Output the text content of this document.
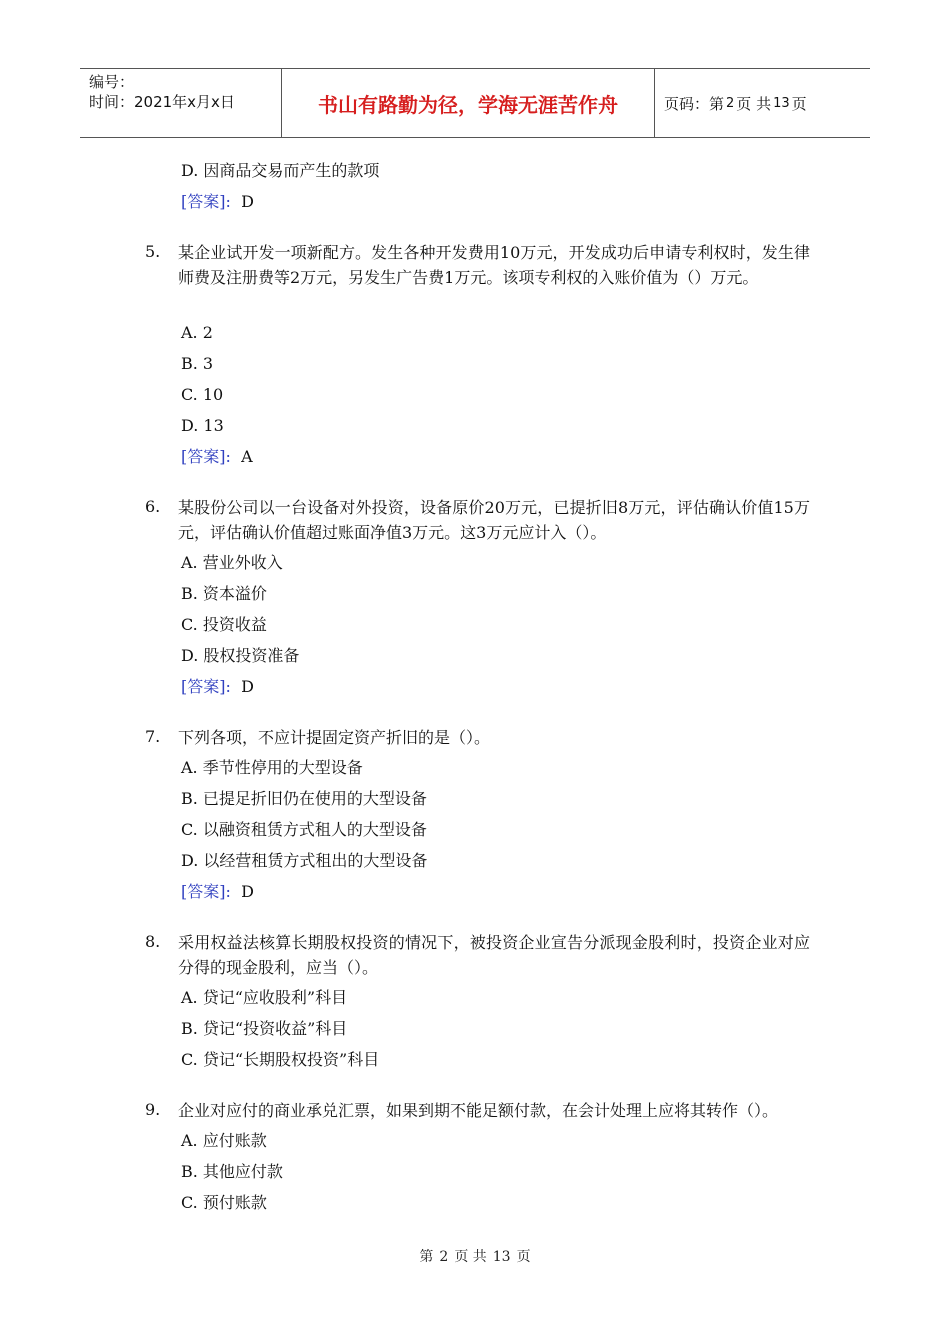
编号：
时间：2021年x月x日	书山有路勤为径，学海无涯苦作舟	页码：第 2 页 共 13 页
D. 因商品交易而产生的款项
[答案]: D
5. 某企业试开发一项新配方。发生各种开发费用10万元，开发成功后申请专利权时，发生律师费及注册费等2万元，另发生广告费1万元。该项专利权的入账价值为（）万元。
A. 2
B. 3
C. 10
D. 13
[答案]: A
6. 某股份公司以一台设备对外投资，设备原价20万元，已提折旧8万元，评估确认价值15万元，评估确认价值超过账面净值3万元。这3万元应计入（）。
A. 营业外收入
B. 资本溢价
C. 投资收益
D. 股权投资准备
[答案]: D
7. 下列各项，不应计提固定资产折旧的是（）。
A. 季节性停用的大型设备
B. 已提足折旧仍在使用的大型设备
C. 以融资租赁方式租人的大型设备
D. 以经营租赁方式租出的大型设备
[答案]: D
8. 采用权益法核算长期股权投资的情况下，被投资企业宣告分派现金股利时，投资企业对应分得的现金股利，应当（）。
A. 贷记“应收股利”科目
B. 贷记“投资收益”科目
C. 贷记“长期股权投资”科目
9. 企业对应付的商业承兑汇票，如果到期不能足额付款，在会计处理上应将其转作（）。
A. 应付账款
B. 其他应付款
C. 预付账款
第 2 页 共 13 页
